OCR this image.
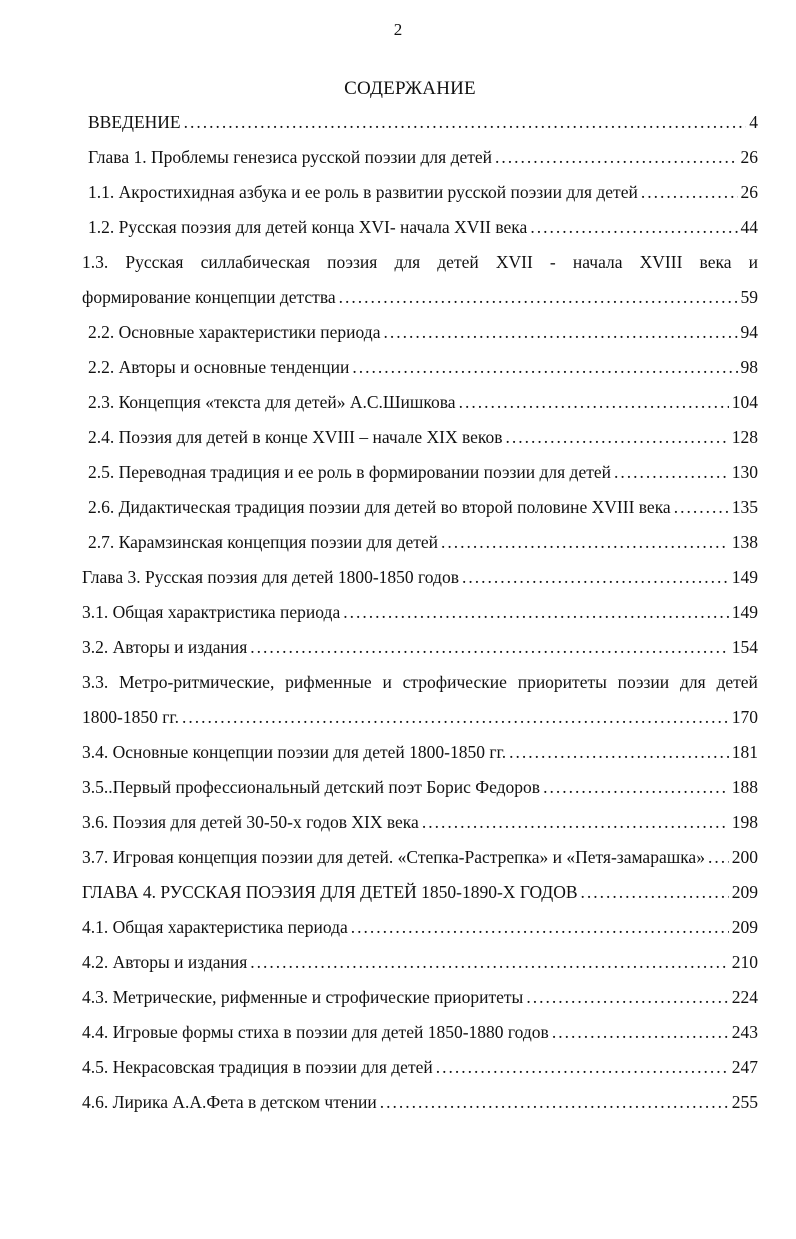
2
СОДЕРЖАНИЕ
ВВЕДЕНИЕ .....	4
Глава 1. Проблемы генезиса русской поэзии для детей .....	26
1.1. Акростихидная азбука и ее роль в развитии русской поэзии для детей .....	26
1.2. Русская поэзия для детей конца XVI- начала XVII века .....	44
1.3. Русская силлабическая поэзия для детей XVII - начала XVIII века и
формирование концепции детства .....	59
2.2. Основные характеристики периода .....	94
2.2. Авторы и основные тенденции .....	98
2.3. Концепция «текста для детей» А.С.Шишкова .....	104
2.4. Поэзия для детей в конце XVIII – начале XIX веков .....	128
2.5. Переводная традиция и ее роль в формировании поэзии для детей .....	130
2.6. Дидактическая традиция поэзии для детей во второй половине XVIII века .....	135
2.7. Карамзинская концепция поэзии для детей .....	138
Глава 3. Русская поэзия для детей 1800-1850 годов .....	149
3.1. Общая характристика периода .....	149
3.2. Авторы и издания .....	154
3.3. Метро-ритмические, рифменные и строфические приоритеты поэзии для детей
1800-1850 гг. .....	170
3.4. Основные концепции поэзии для детей 1800-1850 гг. .....	181
3.5..Первый профессиональный детский поэт Борис Федоров .....	188
3.6. Поэзия для детей 30-50-х годов XIX века .....	198
3.7. Игровая концепция поэзии для детей. «Степка-Растрепка» и «Петя-замарашка» ..... 200
ГЛАВА 4. РУССКАЯ ПОЭЗИЯ ДЛЯ ДЕТЕЙ 1850-1890-Х ГОДОВ .....	209
4.1. Общая характеристика периода .....	209
4.2. Авторы и издания .....	210
4.3. Метрические, рифменные и строфические приоритеты .....	224
4.4. Игровые формы стиха в поэзии для детей 1850-1880 годов .....	243
4.5. Некрасовская традиция в поэзии для детей .....	247
4.6. Лирика А.А.Фета в детском чтении .....	255
